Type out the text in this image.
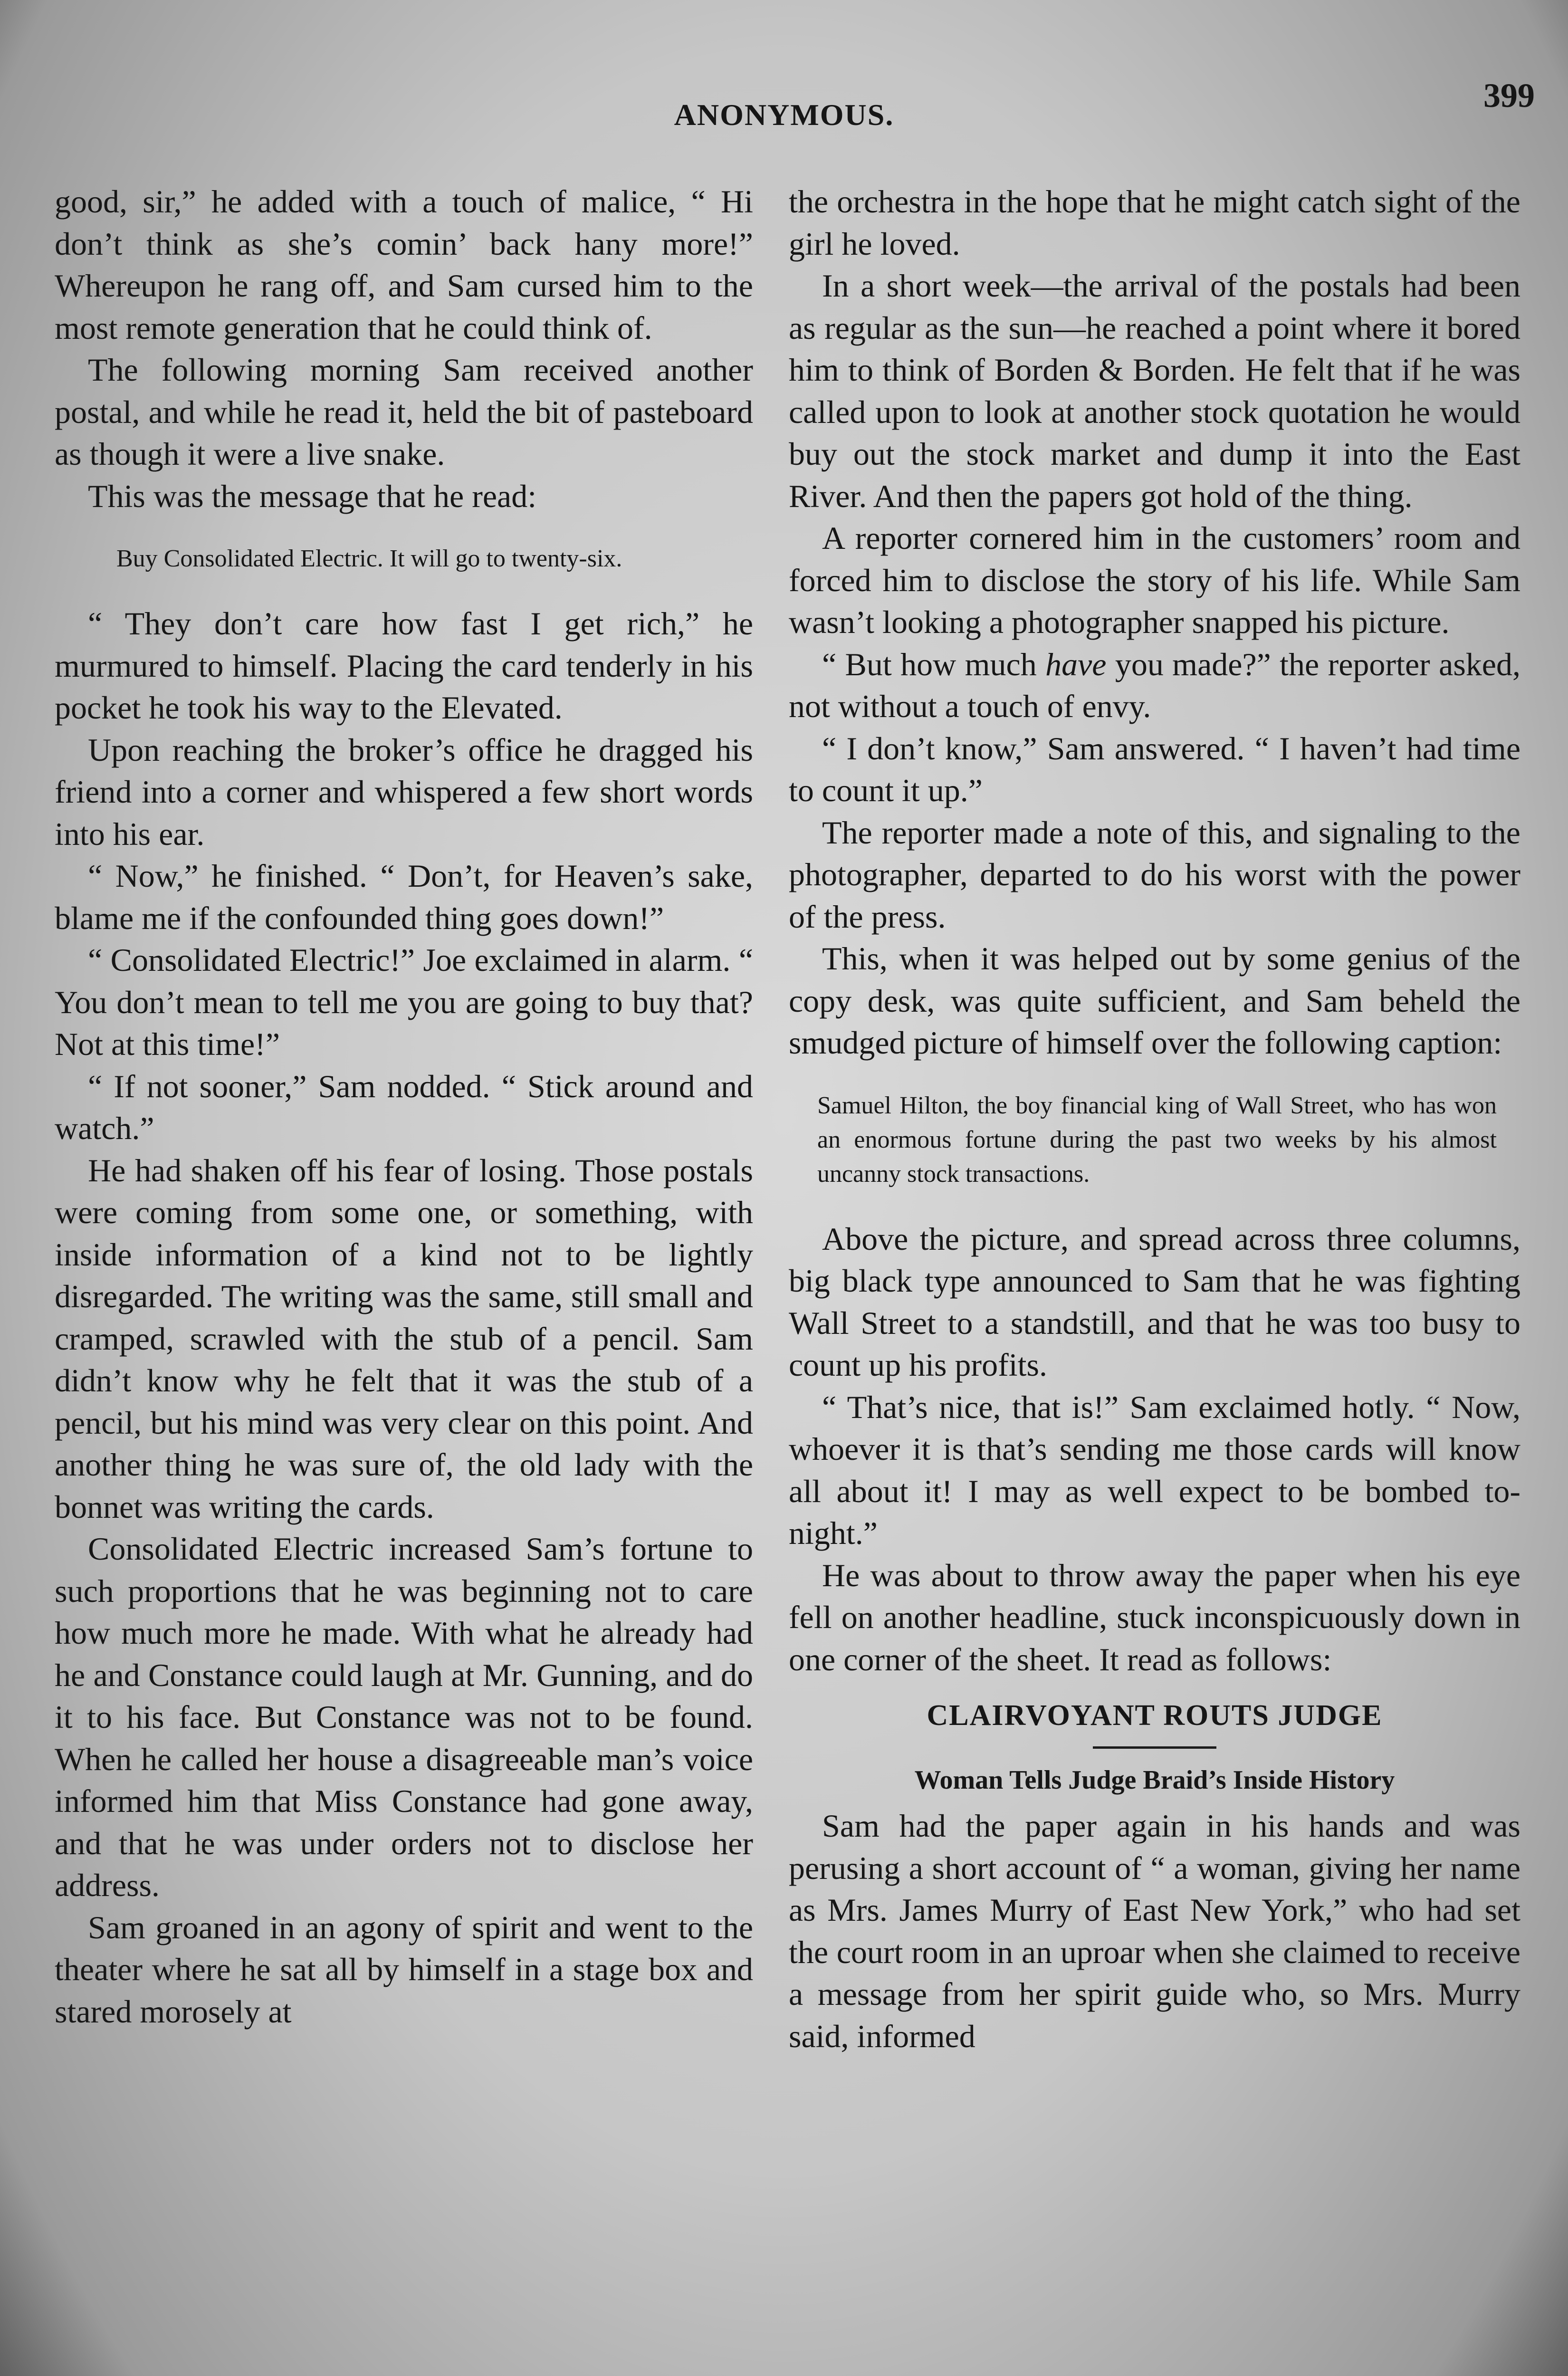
ANONYMOUS.
399

good, sir,” he added with a touch of malice, “ Hi don’t think as she’s comin’ back hany more!” Whereupon he rang off, and Sam cursed him to the most remote generation that he could think of.

The following morning Sam received another postal, and while he read it, held the bit of pasteboard as though it were a live snake.

This was the message that he read:

Buy Consolidated Electric. It will go to twenty-six.

“ They don’t care how fast I get rich,” he murmured to himself. Placing the card tenderly in his pocket he took his way to the Elevated.

Upon reaching the broker’s office he dragged his friend into a corner and whispered a few short words into his ear.

“ Now,” he finished. “ Don’t, for Heaven’s sake, blame me if the confounded thing goes down!”

“ Consolidated Electric!” Joe exclaimed in alarm. “ You don’t mean to tell me you are going to buy that? Not at this time!”

“ If not sooner,” Sam nodded. “ Stick around and watch.”

He had shaken off his fear of losing. Those postals were coming from some one, or something, with inside information of a kind not to be lightly disregarded. The writing was the same, still small and cramped, scrawled with the stub of a pencil. Sam didn’t know why he felt that it was the stub of a pencil, but his mind was very clear on this point. And another thing he was sure of, the old lady with the bonnet was writing the cards.

Consolidated Electric increased Sam’s fortune to such proportions that he was beginning not to care how much more he made. With what he already had he and Constance could laugh at Mr. Gunning, and do it to his face. But Constance was not to be found. When he called her house a disagreeable man’s voice informed him that Miss Constance had gone away, and that he was under orders not to disclose her address.

Sam groaned in an agony of spirit and went to the theater where he sat all by himself in a stage box and stared morosely at

the orchestra in the hope that he might catch sight of the girl he loved.

In a short week—the arrival of the postals had been as regular as the sun—he reached a point where it bored him to think of Borden & Borden. He felt that if he was called upon to look at another stock quotation he would buy out the stock market and dump it into the East River. And then the papers got hold of the thing.

A reporter cornered him in the customers’ room and forced him to disclose the story of his life. While Sam wasn’t looking a photographer snapped his picture.

“ But how much have you made?” the reporter asked, not without a touch of envy.

“ I don’t know,” Sam answered. “ I haven’t had time to count it up.”

The reporter made a note of this, and signaling to the photographer, departed to do his worst with the power of the press.

This, when it was helped out by some genius of the copy desk, was quite sufficient, and Sam beheld the smudged picture of himself over the following caption:

Samuel Hilton, the boy financial king of Wall Street, who has won an enormous fortune during the past two weeks by his almost uncanny stock transactions.

Above the picture, and spread across three columns, big black type announced to Sam that he was fighting Wall Street to a standstill, and that he was too busy to count up his profits.

“ That’s nice, that is!” Sam exclaimed hotly. “ Now, whoever it is that’s sending me those cards will know all about it! I may as well expect to be bombed to-night.”

He was about to throw away the paper when his eye fell on another headline, stuck inconspicuously down in one corner of the sheet. It read as follows:

CLAIRVOYANT ROUTS JUDGE
Woman Tells Judge Braid’s Inside History

Sam had the paper again in his hands and was perusing a short account of “ a woman, giving her name as Mrs. James Murry of East New York,” who had set the court room in an uproar when she claimed to receive a message from her spirit guide who, so Mrs. Murry said, informed
